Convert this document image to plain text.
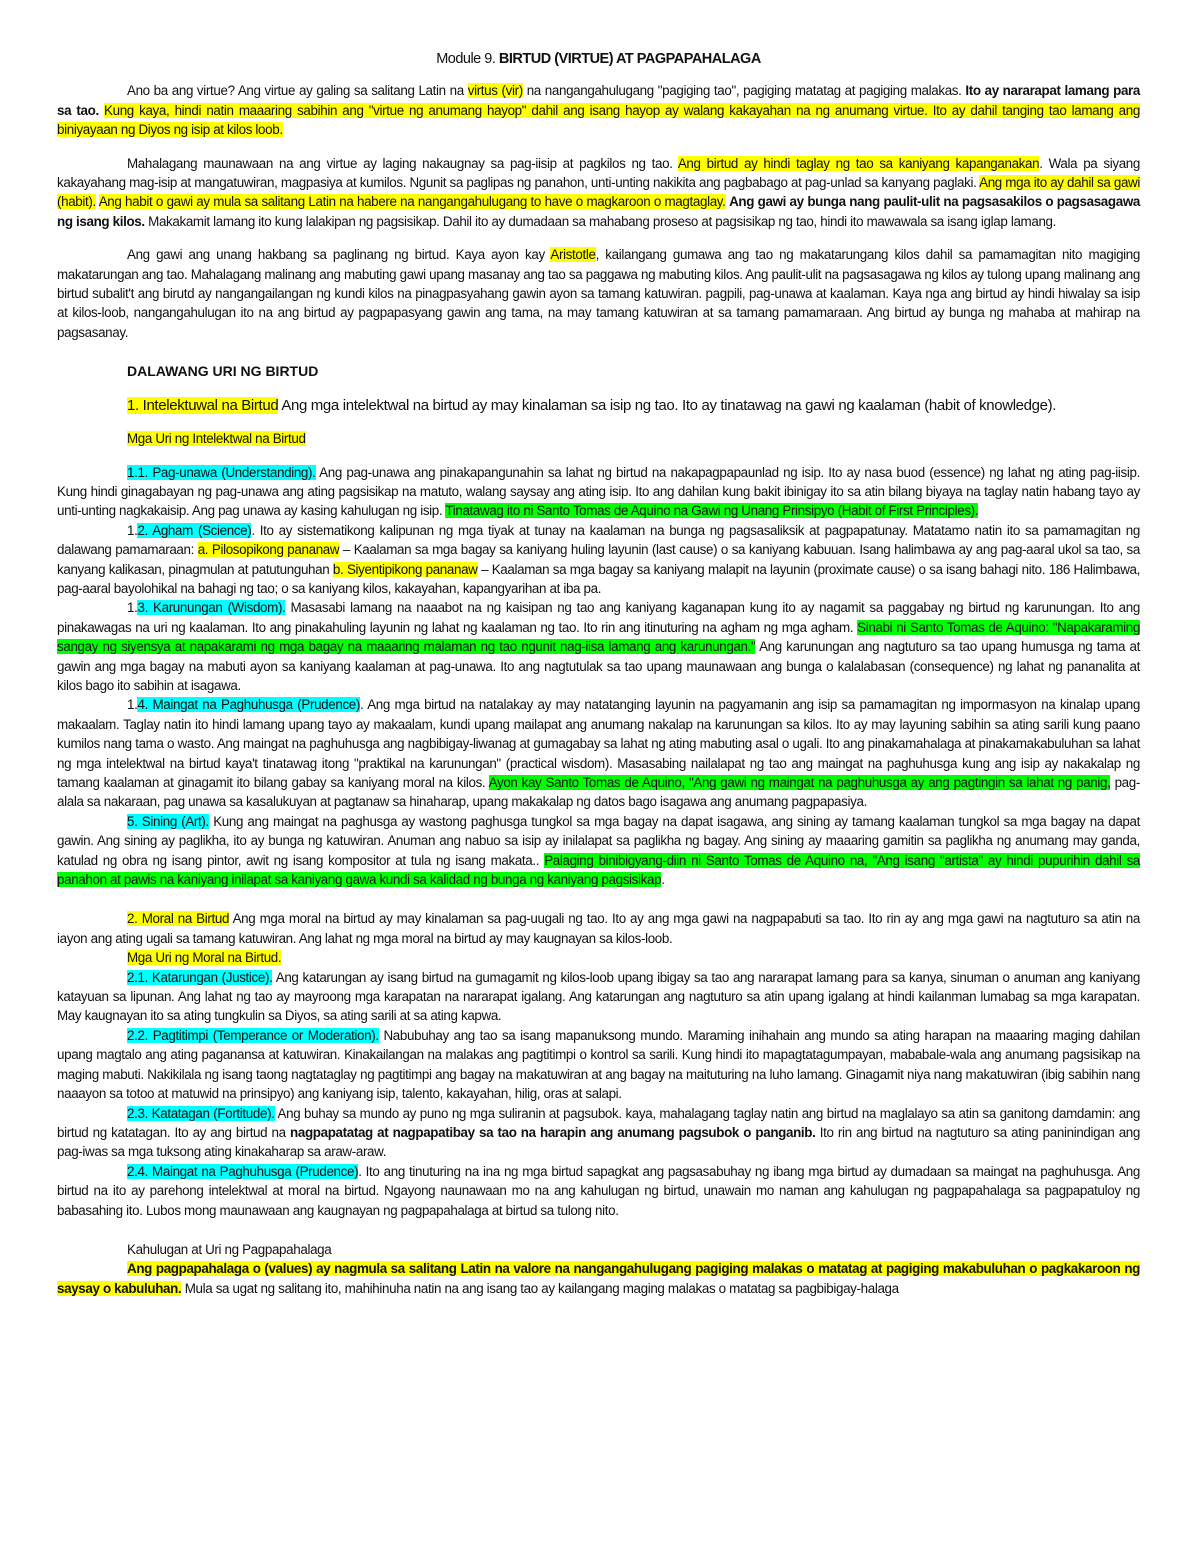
Module 9. BIRTUD (VIRTUE) AT PAGPAPAHALAGA

Ano ba ang virtue? Ang virtue ay galing sa salitang Latin na virtus (vir) na nangangahulugang "pagiging tao", pagiging matatag at pagiging malakas. Ito ay nararapat lamang para sa tao. Kung kaya, hindi natin maaaring sabihin ang "virtue ng anumang hayop" dahil ang isang hayop ay walang kakayahan na ng anumang virtue. Ito ay dahil tanging tao lamang ang biniyayaan ng Diyos ng isip at kilos loob.

Mahalagang maunawaan na ang virtue ay laging nakaugnay sa pag-iisip at pagkilos ng tao. Ang birtud ay hindi taglay ng tao sa kaniyang kapanganakan. Wala pa siyang kakayahang mag-isip at mangatuwiran, magpasiya at kumilos. Ngunit sa paglipas ng panahon, unti-unting nakikita ang pagbabago at pag-unlad sa kanyang paglaki. Ang mga ito ay dahil sa gawi (habit). Ang habit o gawi ay mula sa salitang Latin na habere na nangangahulugang to have o magkaroon o magtaglay. Ang gawi ay bunga nang paulit-ulit na pagsasakilos o pagsasagawa ng isang kilos. Makakamit lamang ito kung lalakipan ng pagsisikap. Dahil ito ay dumadaan sa mahabang proseso at pagsisikap ng tao, hindi ito mawawala sa isang iglap lamang.

Ang gawi ang unang hakbang sa paglinang ng birtud. Kaya ayon kay Aristotle, kailangang gumawa ang tao ng makatarungang kilos dahil sa pamamagitan nito magiging makatarungan ang tao. Mahalagang malinang ang mabuting gawi upang masanay ang tao sa paggawa ng mabuting kilos. Ang paulit-ulit na pagsasagawa ng kilos ay tulong upang malinang ang birtud subalit't ang birutd ay nangangailangan ng kundi kilos na pinagpasyahang gawin ayon sa tamang katuwiran. pagpili, pag-unawa at kaalaman. Kaya nga ang birtud ay hindi hiwalay sa isip at kilos-loob, nangangahulugan ito na ang birtud ay pagpapasyang gawin ang tama, na may tamang katuwiran at sa tamang pamamaraan. Ang birtud ay bunga ng mahaba at mahirap na pagsasanay.

DALAWANG URI NG BIRTUD

1. Intelektuwal na Birtud Ang mga intelektwal na birtud ay may kinalaman sa isip ng tao. Ito ay tinatawag na gawi ng kaalaman (habit of knowledge).

Mga Uri ng Intelektwal na Birtud

1.1. Pag-unawa (Understanding). Ang pag-unawa ang pinakapangunahin sa lahat ng birtud na nakapagpapaunlad ng isip. Ito ay nasa buod (essence) ng lahat ng ating pag-iisip. Kung hindi ginagabayan ng pag-unawa ang ating pagsisikap na matuto, walang saysay ang ating isip. Ito ang dahilan kung bakit ibinigay ito sa atin bilang biyaya na taglay natin habang tayo ay unti-unting nagkakaisip. Ang pag unawa ay kasing kahulugan ng isip. Tinatawag ito ni Santo Tomas de Aquino na Gawi ng Unang Prinsipyo (Habit of First Principles).

1.2. Agham (Science). Ito ay sistematikong kalipunan ng mga tiyak at tunay na kaalaman na bunga ng pagsasaliksik at pagpapatunay. Matatamo natin ito sa pamamagitan ng dalawang pamamaraan: a. Pilosopikong pananaw – Kaalaman sa mga bagay sa kaniyang huling layunin (last cause) o sa kaniyang kabuuan. Isang halimbawa ay ang pag-aaral ukol sa tao, sa kanyang kalikasan, pinagmulan at patutunguhan b. Siyentipikong pananaw – Kaalaman sa mga bagay sa kaniyang malapit na layunin (proximate cause) o sa isang bahagi nito. 186 Halimbawa, pag-aaral bayolohikal na bahagi ng tao; o sa kaniyang kilos, kakayahan, kapangyarihan at iba pa.

1.3. Karunungan (Wisdom). Masasabi lamang na naaabot na ng kaisipan ng tao ang kaniyang kaganapan kung ito ay nagamit sa paggabay ng birtud ng karunungan. Ito ang pinakawagas na uri ng kaalaman. Ito ang pinakahuling layunin ng lahat ng kaalaman ng tao. Ito rin ang itinuturing na agham ng mga agham. Sinabi ni Santo Tomas de Aquino: "Napakaraming sangay ng siyensya at napakarami ng mga bagay na maaaring malaman ng tao ngunit nag-iisa lamang ang karunungan." Ang karunungan ang nagtuturo sa tao upang humusga ng tama at gawin ang mga bagay na mabuti ayon sa kaniyang kaalaman at pag-unawa. Ito ang nagtutulak sa tao upang maunawaan ang bunga o kalalabasan (consequence) ng lahat ng pananalita at kilos bago ito sabihin at isagawa.

1.4. Maingat na Paghuhusga (Prudence). Ang mga birtud na natalakay ay may natatanging layunin na pagyamanin ang isip sa pamamagitan ng impormasyon na kinalap upang makaalam. Taglay natin ito hindi lamang upang tayo ay makaalam, kundi upang mailapat ang anumang nakalap na karunungan sa kilos. Ito ay may layuning sabihin sa ating sarili kung paano kumilos nang tama o wasto. Ang maingat na paghuhusga ang nagbibigay-liwanag at gumagabay sa lahat ng ating mabuting asal o ugali. Ito ang pinakamahalaga at pinakamakabuluhan sa lahat ng mga intelektwal na birtud kaya't tinatawag itong "praktikal na karunungan" (practical wisdom). Masasabing nailalapat ng tao ang maingat na paghuhusga kung ang isip ay nakakalap ng tamang kaalaman at ginagamit ito bilang gabay sa kaniyang moral na kilos. Ayon kay Santo Tomas de Aquino, "Ang gawi ng maingat na paghuhusga ay ang pagtingin sa lahat ng panig, pag-alala sa nakaraan, pag unawa sa kasalukuyan at pagtanaw sa hinaharap, upang makakalap ng datos bago isagawa ang anumang pagpapasiya.

5. Sining (Art). Kung ang maingat na paghusga ay wastong paghusga tungkol sa mga bagay na dapat isagawa, ang sining ay tamang kaalaman tungkol sa mga bagay na dapat gawin. Ang sining ay paglikha, ito ay bunga ng katuwiran. Anuman ang nabuo sa isip ay inilalapat sa paglikha ng bagay. Ang sining ay maaaring gamitin sa paglikha ng anumang may ganda, katulad ng obra ng isang pintor, awit ng isang kompositor at tula ng isang makata.. Palaging binibigyang-diin ni Santo Tomas de Aquino na, "Ang isang "artista" ay hindi pupurihin dahil sa panahon at pawis na kaniyang inilapat sa kaniyang gawa kundi sa kalidad ng bunga ng kaniyang pagsisikap.

2. Moral na Birtud Ang mga moral na birtud ay may kinalaman sa pag-uugali ng tao. Ito ay ang mga gawi na nagpapabuti sa tao. Ito rin ay ang mga gawi na nagtuturo sa atin na iayon ang ating ugali sa tamang katuwiran. Ang lahat ng mga moral na birtud ay may kaugnayan sa kilos-loob.

Mga Uri ng Moral na Birtud.

2.1. Katarungan (Justice). Ang katarungan ay isang birtud na gumagamit ng kilos-loob upang ibigay sa tao ang nararapat lamang para sa kanya, sinuman o anuman ang kaniyang katayuan sa lipunan. Ang lahat ng tao ay mayroong mga karapatan na nararapat igalang. Ang katarungan ang nagtuturo sa atin upang igalang at hindi kailanman lumabag sa mga karapatan. May kaugnayan ito sa ating tungkulin sa Diyos, sa ating sarili at sa ating kapwa.

2.2. Pagtitimpi (Temperance or Moderation). Nabubuhay ang tao sa isang mapanuksong mundo. Maraming inihahain ang mundo sa ating harapan na maaaring maging dahilan upang magtalo ang ating paganansa at katuwiran. Kinakailangan na malakas ang pagtitimpi o kontrol sa sarili. Kung hindi ito mapagtatagumpayan, mababale-wala ang anumang pagsisikap na maging mabuti. Nakikilala ng isang taong nagtataglay ng pagtitimpi ang bagay na makatuwiran at ang bagay na maituturing na luho lamang. Ginagamit niya nang makatuwiran (ibig sabihin nang naaayon sa totoo at matuwid na prinsipyo) ang kaniyang isip, talento, kakayahan, hilig, oras at salapi.

2.3. Katatagan (Fortitude). Ang buhay sa mundo ay puno ng mga suliranin at pagsubok. kaya, mahalagang taglay natin ang birtud na maglalayo sa atin sa ganitong damdamin: ang birtud ng katatagan. Ito ay ang birtud na nagpapatatag at nagpapatibay sa tao na harapin ang anumang pagsubok o panganib. Ito rin ang birtud na nagtuturo sa ating paninindigan ang pag-iwas sa mga tuksong ating kinakaharap sa araw-araw.

2.4. Maingat na Paghuhusga (Prudence). Ito ang tinuturing na ina ng mga birtud sapagkat ang pagsasabuhay ng ibang mga birtud ay dumadaan sa maingat na paghuhusga. Ang birtud na ito ay parehong intelektwal at moral na birtud. Ngayong naunawaan mo na ang kahulugan ng birtud, unawain mo naman ang kahulugan ng pagpapahalaga sa pagpapatuloy ng babasahing ito. Lubos mong maunawaan ang kaugnayan ng pagpapahalaga at birtud sa tulong nito.

Kahulugan at Uri ng Pagpapahalaga

Ang pagpapahalaga o (values) ay nagmula sa salitang Latin na valore na nangangahulugang pagiging malakas o matatag at pagiging makabuluhan o pagkakaroon ng saysay o kabuluhan. Mula sa ugat ng salitang ito, mahihinuha natin na ang isang tao ay kailangang maging malakas o matatag sa pagbibigay-halaga
